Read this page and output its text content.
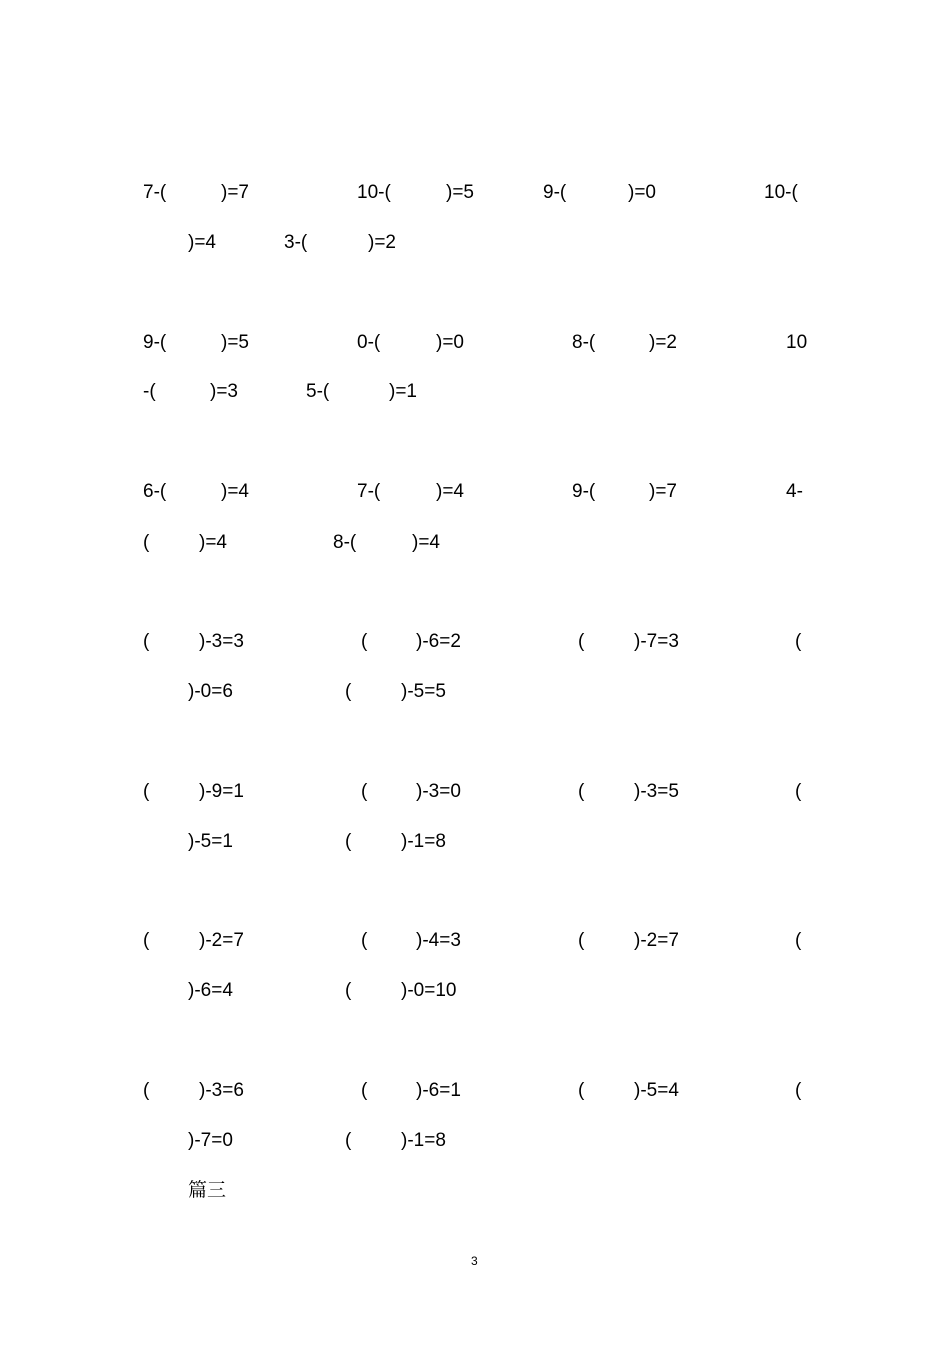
7-(	)=7	10-(	)=5	9-(	)=0	10-(
)=4	3-(	)=2
9-(	)=5	0-(	)=0	8-(	)=2	10
-(	)=3	5-(	)=1
6-(	)=4	7-(	)=4	9-(	)=7	4-
(	)=4	8-(	)=4
(	)-3=3	(	)-6=2	(	)-7=3	(
)-0=6	(	)-5=5
(	)-9=1	(	)-3=0	(	)-3=5	(
)-5=1	(	)-1=8
(	)-2=7	(	)-4=3	(	)-2=7	(
)-6=4	(	)-0=10
(	)-3=6	(	)-6=1	(	)-5=4	(
)-7=0	(	)-1=8
篇三
3
